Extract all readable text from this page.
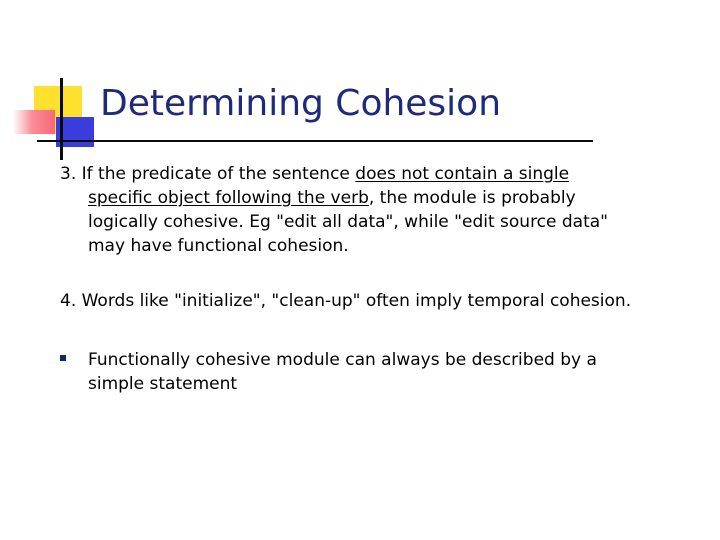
Determining Cohesion

3. If the predicate of the sentence does not contain a single
specific object following the verb, the module is probably
logically cohesive. Eg "edit all data", while "edit source data"
may have functional cohesion.

4. Words like "initialize", "clean-up" often imply temporal cohesion.

Functionally cohesive module can always be described by a
simple statement
